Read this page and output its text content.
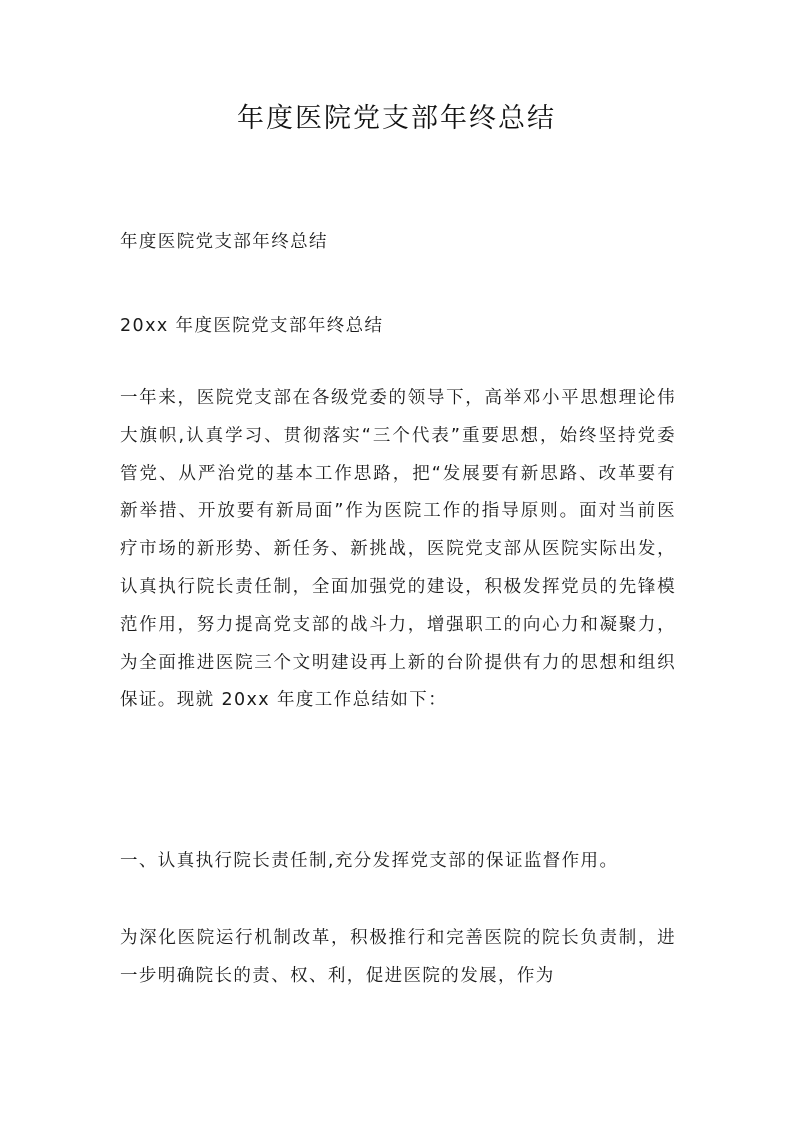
年度医院党支部年终总结

年度医院党支部年终总结

20xx 年度医院党支部年终总结

一年来，医院党支部在各级党委的领导下，高举邓小平思想理论伟大旗帜,认真学习、贯彻落实“三个代表”重要思想，始终坚持党委管党、从严治党的基本工作思路，把“发展要有新思路、改革要有新举措、开放要有新局面”作为医院工作的指导原则。面对当前医疗市场的新形势、新任务、新挑战，医院党支部从医院实际出发，认真执行院长责任制，全面加强党的建设，积极发挥党员的先锋模范作用，努力提高党支部的战斗力，增强职工的向心力和凝聚力，为全面推进医院三个文明建设再上新的台阶提供有力的思想和组织保证。现就 20xx 年度工作总结如下：

一、认真执行院长责任制,充分发挥党支部的保证监督作用。

为深化医院运行机制改革，积极推行和完善医院的院长负责制，进一步明确院长的责、权、利，促进医院的发展，作为
